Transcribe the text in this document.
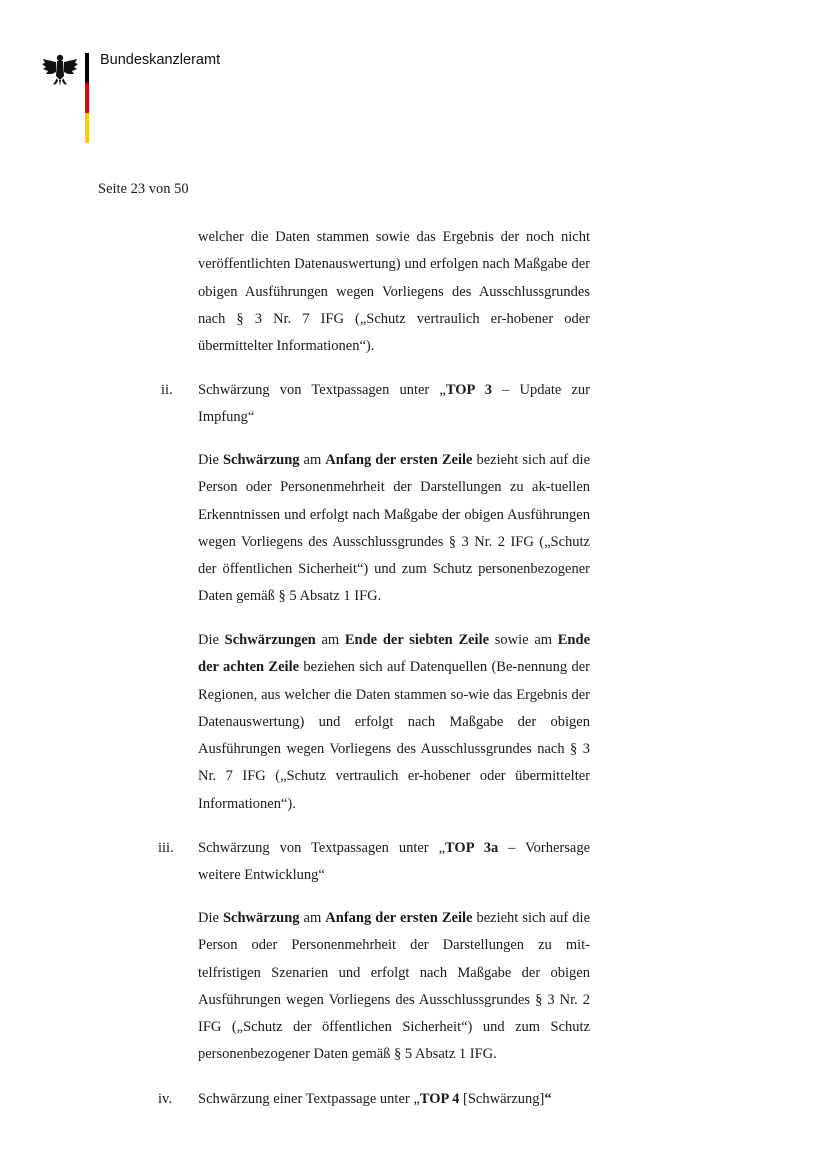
Bundeskanzleramt
Seite 23 von 50

welcher die Daten stammen sowie das Ergebnis der noch nicht veröffentlichten Datenauswertung) und erfolgen nach Maßgabe der obigen Ausführungen wegen Vorliegens des Ausschlussgrundes nach § 3 Nr. 7 IFG („Schutz vertraulich er-hobener oder übermittelter Informationen“).

ii. Schwärzung von Textpassagen unter „TOP 3 – Update zur Impfung“

Die Schwärzung am Anfang der ersten Zeile bezieht sich auf die Person oder Personenmehrheit der Darstellungen zu ak-tuellen Erkenntnissen und erfolgt nach Maßgabe der obigen Ausführungen wegen Vorliegens des Ausschlussgrundes § 3 Nr. 2 IFG („Schutz der öffentlichen Sicherheit“) und zum Schutz personenbezogener Daten gemäß § 5 Absatz 1 IFG.

Die Schwärzungen am Ende der siebten Zeile sowie am Ende der achten Zeile beziehen sich auf Datenquellen (Be-nennung der Regionen, aus welcher die Daten stammen so-wie das Ergebnis der Datenauswertung) und erfolgt nach Maßgabe der obigen Ausführungen wegen Vorliegens des Ausschlussgrundes nach § 3 Nr. 7 IFG („Schutz vertraulich er-hobener oder übermittelter Informationen“).

iii. Schwärzung von Textpassagen unter „TOP 3a – Vorhersage weitere Entwicklung“

Die Schwärzung am Anfang der ersten Zeile bezieht sich auf die Person oder Personenmehrheit der Darstellungen zu mit-telfristigen Szenarien und erfolgt nach Maßgabe der obigen Ausführungen wegen Vorliegens des Ausschlussgrundes § 3 Nr. 2 IFG („Schutz der öffentlichen Sicherheit“) und zum Schutz personenbezogener Daten gemäß § 5 Absatz 1 IFG.

iv. Schwärzung einer Textpassage unter „TOP 4 [Schwärzung]“
